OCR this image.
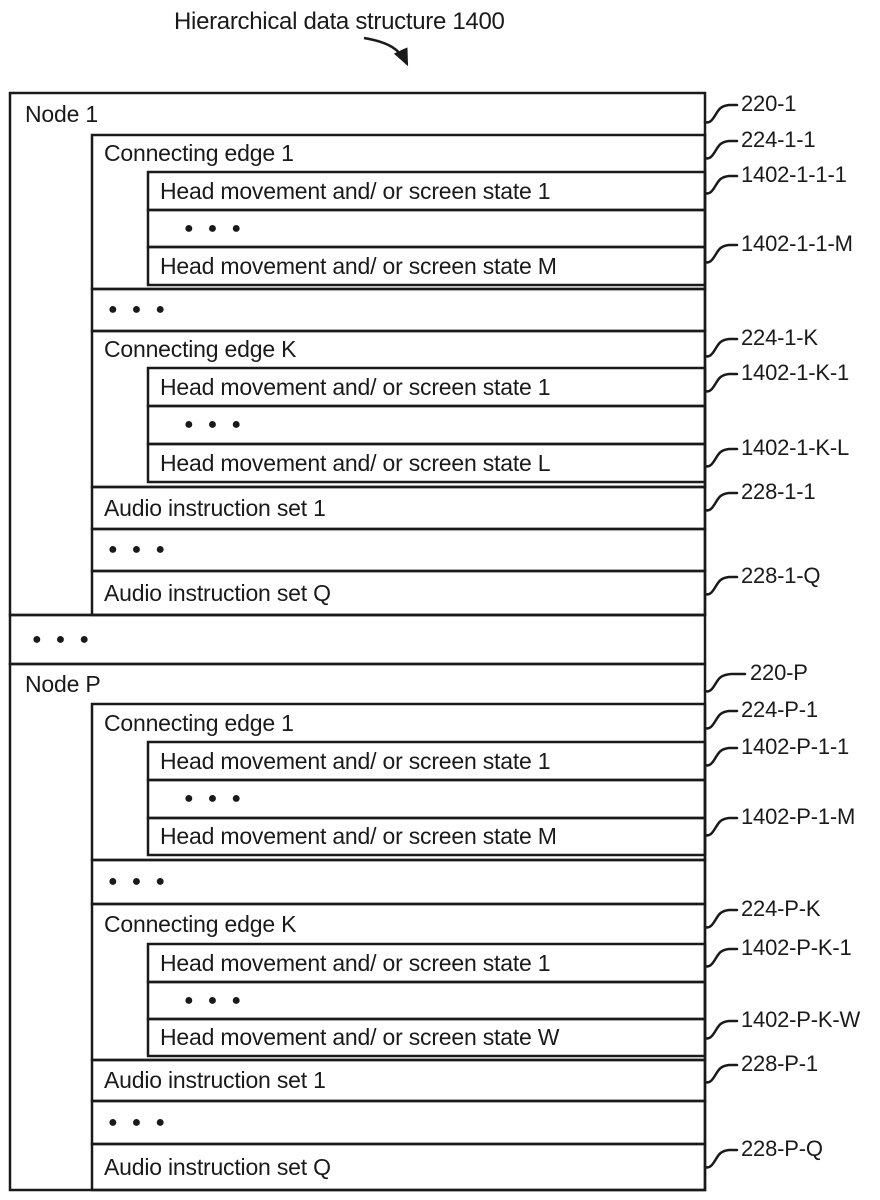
Hierarchical data structure 1400
Node 1
Connecting edge 1
Head movement and/ or screen state 1
●●●
Head movement and/ or screen state M
●●●
Connecting edge K
Head movement and/ or screen state 1
●●●
Head movement and/ or screen state L
Audio instruction set 1
●●●
Audio instruction set Q
●●●
Node P
Connecting edge 1
Head movement and/ or screen state 1
●●●
Head movement and/ or screen state M
●●●
Connecting edge K
Head movement and/ or screen state 1
●●●
Head movement and/ or screen state W
Audio instruction set 1
●●●
Audio instruction set Q
220-1
224-1-1
1402-1-1-1
1402-1-1-M
224-1-K
1402-1-K-1
1402-1-K-L
228-1-1
228-1-Q
220-P
224-P-1
1402-P-1-1
1402-P-1-M
224-P-K
1402-P-K-1
1402-P-K-W
228-P-1
228-P-Q
